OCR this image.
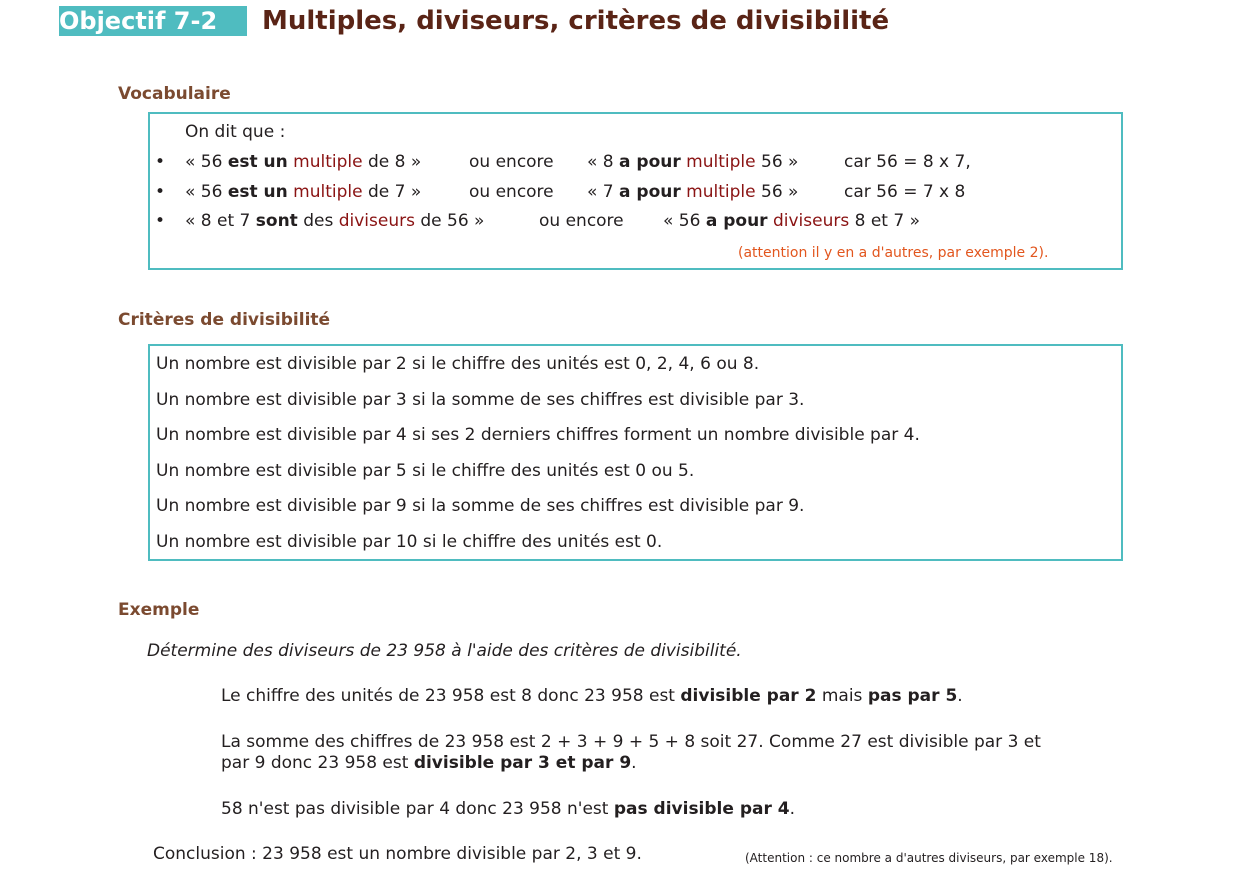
Objectif 7-2	Multiples, diviseurs, critères de divisibilité
Vocabulaire
On dit que :
• « 56 est un multiple de 8 »	ou encore « 8 a pour multiple 56 »	car 56 = 8 x 7,
• « 56 est un multiple de 7 »	ou encore « 7 a pour multiple 56 »	car 56 = 7 x 8
• « 8 et 7 sont des diviseurs de 56 »	ou encore « 56 a pour diviseurs 8 et 7 »
(attention il y en a d'autres, par exemple 2).
Critères de divisibilité
Un nombre est divisible par 2 si le chiffre des unités est 0, 2, 4, 6 ou 8.
Un nombre est divisible par 3 si la somme de ses chiffres est divisible par 3.
Un nombre est divisible par 4 si ses 2 derniers chiffres forment un nombre divisible par 4.
Un nombre est divisible par 5 si le chiffre des unités est 0 ou 5.
Un nombre est divisible par 9 si la somme de ses chiffres est divisible par 9.
Un nombre est divisible par 10 si le chiffre des unités est 0.
Exemple
Détermine des diviseurs de 23 958 à l'aide des critères de divisibilité.
Le chiffre des unités de 23 958 est 8 donc 23 958 est divisible par 2 mais pas par 5.
La somme des chiffres de 23 958 est 2 + 3 + 9 + 5 + 8 soit 27. Comme 27 est divisible par 3 et
par 9 donc 23 958 est divisible par 3 et par 9.
58 n'est pas divisible par 4 donc 23 958 n'est pas divisible par 4.
Conclusion : 23 958 est un nombre divisible par 2, 3 et 9.	(Attention : ce nombre a d'autres diviseurs, par exemple 18).
